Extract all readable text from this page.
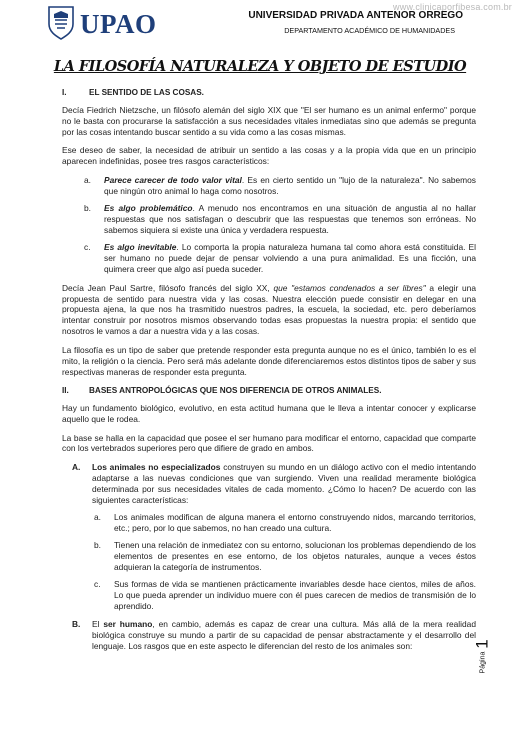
www.clinicaporfibesa.com.br
UPAO	UNIVERSIDAD PRIVADA ANTENOR ORREGO
DEPARTAMENTO ACADÉMICO DE HUMANIDADES
LA FILOSOFÍA NATURALEZA Y OBJETO DE ESTUDIO
I.	EL SENTIDO DE LAS COSAS.

Decía Fiedrich Nietzsche, un filósofo alemán del siglo XIX que "El ser humano es un animal enfermo" porque no le basta con procurarse la satisfacción a sus necesidades vitales inmediatas sino que además se pregunta por las cosas intentando buscar sentido a su vida como a las cosas mismas.

Ese deseo de saber, la necesidad de atribuir un sentido a las cosas y a la propia vida que en un principio aparecen indefinidas, posee tres rasgos característicos:

a.	Parece carecer de todo valor vital. Es en cierto sentido un "lujo de la naturaleza". No sabemos que ningún otro animal lo haga como nosotros.
b.	Es algo problemático. A menudo nos encontramos en una situación de angustia al no hallar respuestas que nos satisfagan o descubrir que las respuestas que tenemos son erróneas. No sabemos siquiera si existe una única y verdadera respuesta.
c.	Es algo inevitable. Lo comporta la propia naturaleza humana tal como ahora está constituida. El ser humano no puede dejar de pensar volviendo a una pura animalidad. Es una ficción, una quimera creer que algo así pueda suceder.

Decía Jean Paul Sartre, filósofo francés del siglo XX, que "estamos condenados a ser libres" a elegir una propuesta de sentido para nuestra vida y las cosas. Nuestra elección puede consistir en delegar en una propuesta ajena, la que nos ha trasmitido nuestros padres, la escuela, la sociedad, etc. pero deberíamos intentar construir por nosotros mismos observando todas esas propuestas la nuestra propia: el sentido que nosotros le vamos a dar a nuestra vida y a las cosas.

La filosofía es un tipo de saber que pretende responder esta pregunta aunque no es el único, también lo es el mito, la religión o la ciencia. Pero será más adelante donde diferenciaremos estos distintos tipos de saber y sus respectivas maneras de responder esta pregunta.

II.	BASES ANTROPOLÓGICAS QUE NOS DIFERENCIA DE OTROS ANIMALES.

Hay un fundamento biológico, evolutivo, en esta actitud humana que le lleva a intentar conocer y explicarse aquello que le rodea.

La base se halla en la capacidad que posee el ser humano para modificar el entorno, capacidad que comparte con los vertebrados superiores pero que difiere de grado en ambos.

A.	Los animales no especializados construyen su mundo en un diálogo activo con el medio intentando adaptarse a las nuevas condiciones que van surgiendo. Viven una realidad meramente biológica determinada por sus necesidades vitales de cada momento. ¿Cómo lo hacen? De acuerdo con las siguientes características:
a.	Los animales modifican de alguna manera el entorno construyendo nidos, marcando territorios, etc.; pero, por lo que sabemos, no han creado una cultura.
b.	Tienen una relación de inmediatez con su entorno, solucionan los problemas dependiendo de los elementos de presentes en ese entorno, de los objetos naturales, aunque a veces éstos adquieran la categoría de instrumentos.
c.	Sus formas de vida se mantienen prácticamente invariables desde hace cientos, miles de años. Lo que pueda aprender un individuo muere con él pues carecen de medios de transmisión de lo aprendido.
B.	El ser humano, en cambio, además es capaz de crear una cultura. Más allá de la mera realidad biológica construye su mundo a partir de su capacidad de pensar abstractamente y el desarrollo del lenguaje. Los rasgos que en este aspecto le diferencian del resto de los animales son:
Página
1
